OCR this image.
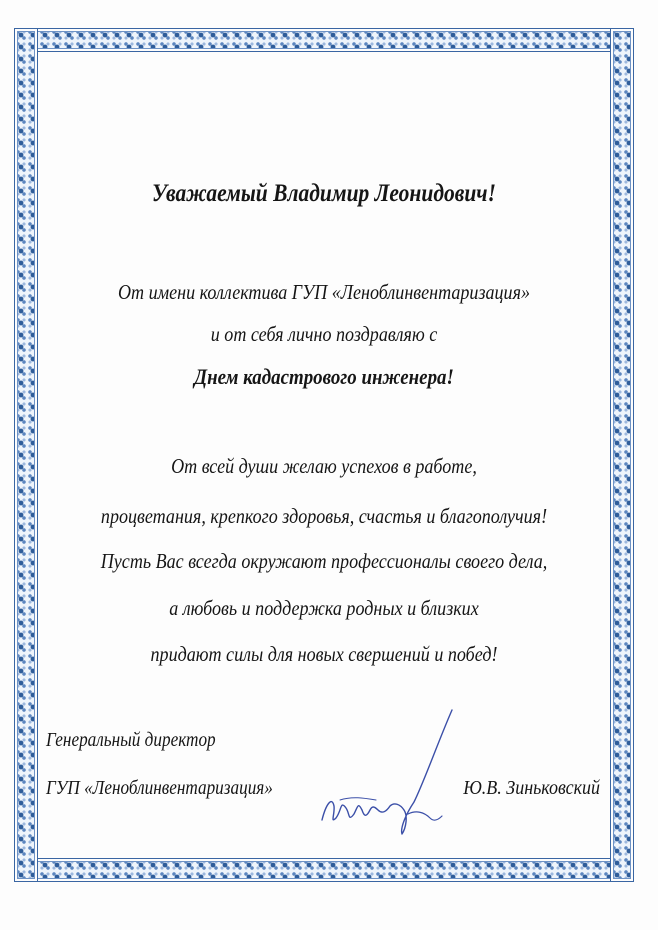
Уважаемый Владимир Леонидович!
От имени коллектива ГУП «Леноблинвентаризация»
и от себя лично поздравляю с
Днем кадастрового инженера!
От всей души желаю успехов в работе,
процветания, крепкого здоровья, счастья и благополучия!
Пусть Вас всегда окружают профессионалы своего дела,
а любовь и поддержка родных и близких
придают силы для новых свершений и побед!
Генеральный директор
ГУП «Леноблинвентаризация»	Ю.В. Зиньковский
